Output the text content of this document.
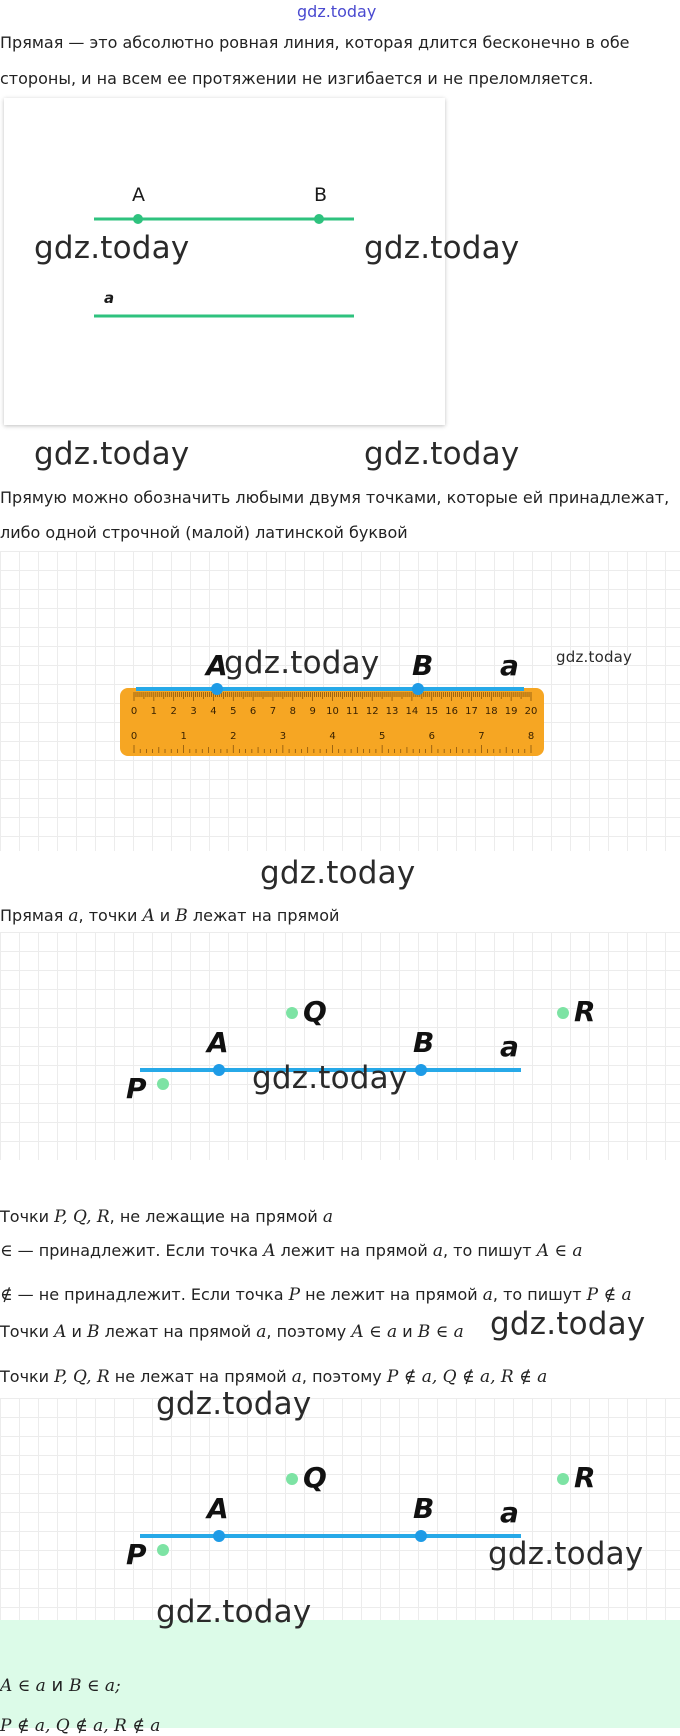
gdz.today
Прямая — это абсолютно ровная линия, которая длится бесконечно в обе
стороны, и на всем ее протяжении не изгибается и не преломляется.
A	B
a
gdz.today	gdz.today
gdz.today	gdz.today
Прямую можно обозначить любыми двумя точками, которые ей принадлежат,
либо одной строчной (малой) латинской буквой
0 1 2 3 4 5 6 7 8 9 10 11 12 13 14 15 16 17 18 19 20
0	1	2	3	4	5	6	7	8
A	B a
gdz.today	gdz.today
gdz.today
Прямая a, точки A и B лежат на прямой
Q	R
A	B a
P	gdz.today
Точки P, Q, R, не лежащие на прямой a
∈ — принадлежит. Если точка A лежит на прямой a, то пишут A ∈ a
∉ — не принадлежит. Если точка P не лежит на прямой a, то пишут P ∉ a
Точки A и B лежат на прямой a, поэтому A ∈ a и B ∈ a gdz.today
Точки P, Q, R не лежат на прямой a, поэтому P ∉ a, Q ∉ a, R ∉ a
Q	R
A	B a
P
gdz.today
gdz.today
gdz.today
A ∈ a и B ∈ a;
P ∉ a, Q ∉ a, R ∉ a
